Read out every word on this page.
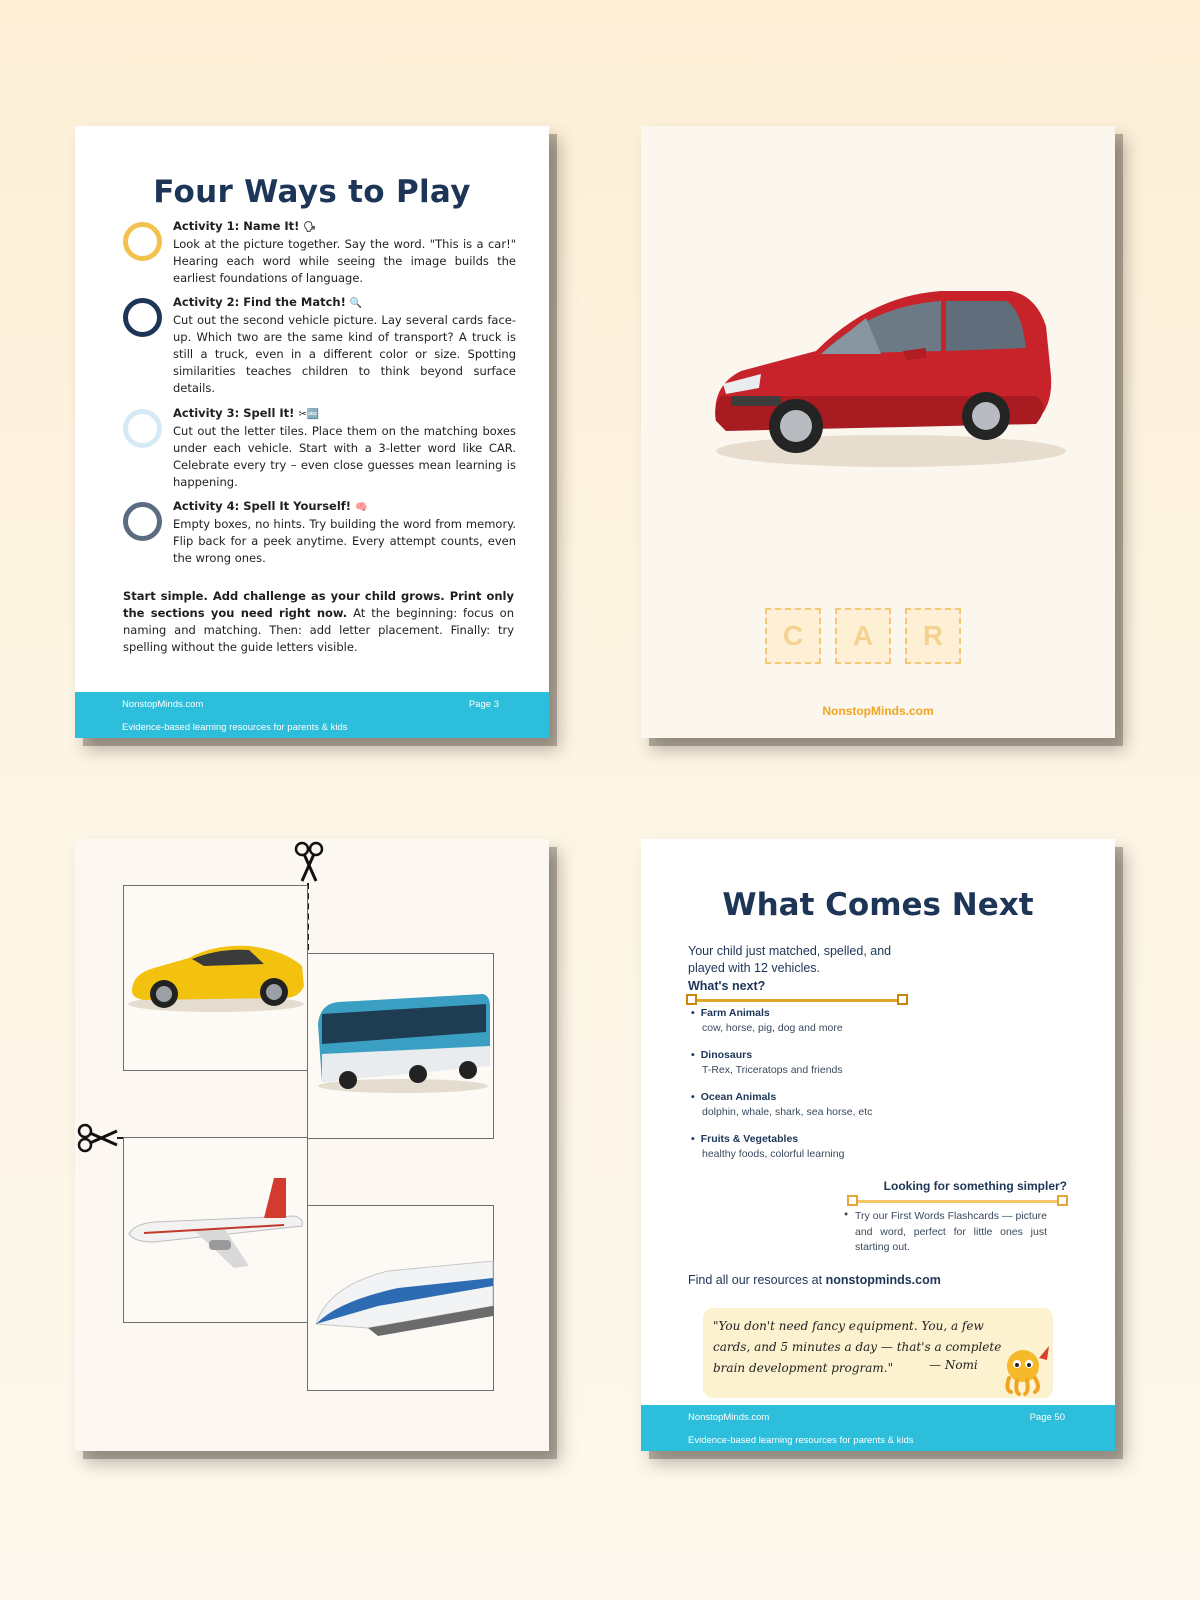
Four Ways to Play
Activity 1: Name It! 🗣
Look at the picture together. Say the word. "This is a car!" Hearing each word while seeing the image builds the earliest foundations of language.
Activity 2: Find the Match! 🔍
Cut out the second vehicle picture. Lay several cards face-up. Which two are the same kind of transport? A truck is still a truck, even in a different color or size. Spotting similarities teaches children to think beyond surface details.
Activity 3: Spell It! ✂🔤
Cut out the letter tiles. Place them on the matching boxes under each vehicle. Start with a 3-letter word like CAR. Celebrate every try – even close guesses mean learning is happening.
Activity 4: Spell It Yourself! 🧠
Empty boxes, no hints. Try building the word from memory. Flip back for a peek anytime. Every attempt counts, even the wrong ones.
Start simple. Add challenge as your child grows. Print only the sections you need right now. At the beginning: focus on naming and matching. Then: add letter placement. Finally: try spelling without the guide letters visible.
NonstopMinds.com	Page 3
Evidence-based learning resources for parents & kids
C	A	R
NonstopMinds.com
What Comes Next
Your child just matched, spelled, and played with 12 vehicles.
What's next?
• Farm Animals
cow, horse, pig, dog and more
• Dinosaurs
T-Rex, Triceratops and friends
• Ocean Animals
dolphin, whale, shark, sea horse, etc
• Fruits & Vegetables
healthy foods, colorful learning
Looking for something simpler?
• Try our First Words Flashcards — picture and word, perfect for little ones just starting out.
Find all our resources at nonstopminds.com
"You don't need fancy equipment. You, a few cards, and 5 minutes a day — that's a complete brain development program."	— Nomi
NonstopMinds.com	Page 50
Evidence-based learning resources for parents & kids
